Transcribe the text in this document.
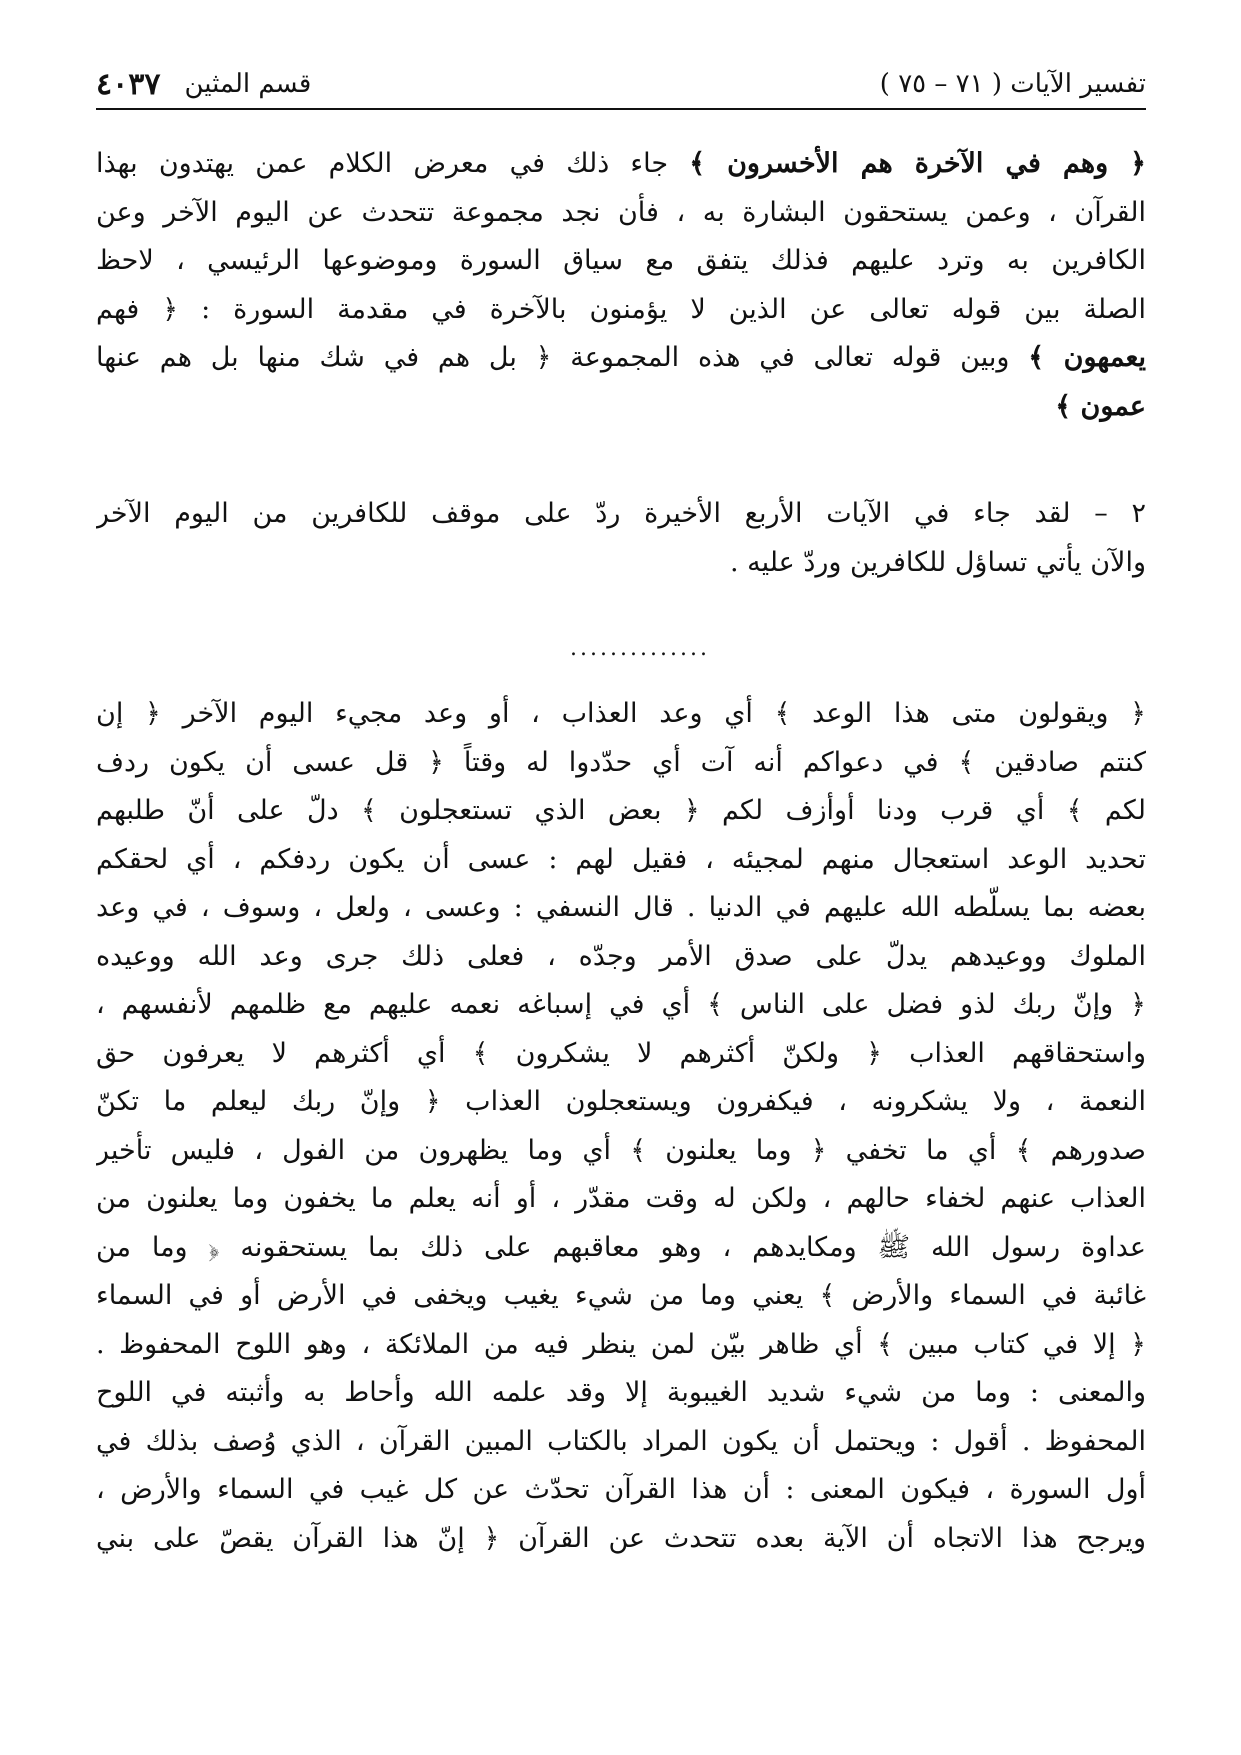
تفسير الآيات ( ٧١ – ٧٥ )
قسم المثين
٤٠٣٧

﴿ وهم في الآخرة هم الأخسرون ﴾ جاء ذلك في معرض الكلام عمن يهتدون بهذا

القرآن ، وعمن يستحقون البشارة به ، فأن نجد مجموعة تتحدث عن اليوم الآخر وعن

الكافرين به وترد عليهم فذلك يتفق مع سياق السورة وموضوعها الرئيسي ، لاحظ

الصلة بين قوله تعالى عن الذين لا يؤمنون بالآخرة في مقدمة السورة : ﴿ فهم

يعمهون ﴾ وبين قوله تعالى في هذه المجموعة ﴿ بل هم في شك منها بل هم عنها

عمون ﴾

٢ – لقد جاء في الآيات الأربع الأخيرة ردّ على موقف للكافرين من اليوم الآخر

والآن يأتي تساؤل للكافرين وردّ عليه .

..............

﴿ ويقولون متى هذا الوعد ﴾ أي وعد العذاب ، أو وعد مجيء اليوم الآخر ﴿ إن

كنتم صادقين ﴾ في دعواكم أنه آت أي حدّدوا له وقتاً ﴿ قل عسى أن يكون ردف

لكم ﴾ أي قرب ودنا أوأزف لكم ﴿ بعض الذي تستعجلون ﴾ دلّ على أنّ طلبهم

تحديد الوعد استعجال منهم لمجيئه ، فقيل لهم : عسى أن يكون ردفكم ، أي لحقكم

بعضه بما يسلّطه الله عليهم في الدنيا . قال النسفي : وعسى ، ولعل ، وسوف ، في وعد

الملوك ووعيدهم يدلّ على صدق الأمر وجدّه ، فعلى ذلك جرى وعد الله ووعيده

﴿ وإنّ ربك لذو فضل على الناس ﴾ أي في إسباغه نعمه عليهم مع ظلمهم لأنفسهم ،

واستحقاقهم العذاب ﴿ ولكنّ أكثرهم لا يشكرون ﴾ أي أكثرهم لا يعرفون حق

النعمة ، ولا يشكرونه ، فيكفرون ويستعجلون العذاب ﴿ وإنّ ربك ليعلم ما تكنّ

صدورهم ﴾ أي ما تخفي ﴿ وما يعلنون ﴾ أي وما يظهرون من الفول ، فليس تأخير

العذاب عنهم لخفاء حالهم ، ولكن له وقت مقدّر ، أو أنه يعلم ما يخفون وما يعلنون من

عداوة رسول الله ﷺ ومكايدهم ، وهو معاقبهم على ذلك بما يستحقونه ﴿ وما من

غائبة في السماء والأرض ﴾ يعني وما من شيء يغيب ويخفى في الأرض أو في السماء

﴿ إلا في كتاب مبين ﴾ أي ظاهر بيّن لمن ينظر فيه من الملائكة ، وهو اللوح المحفوظ .

والمعنى : وما من شيء شديد الغيبوبة إلا وقد علمه الله وأحاط به وأثبته في اللوح

المحفوظ . أقول : ويحتمل أن يكون المراد بالكتاب المبين القرآن ، الذي وُصف بذلك في

أول السورة ، فيكون المعنى : أن هذا القرآن تحدّث عن كل غيب في السماء والأرض ،

ويرجح هذا الاتجاه أن الآية بعده تتحدث عن القرآن ﴿ إنّ هذا القرآن يقصّ على بني
